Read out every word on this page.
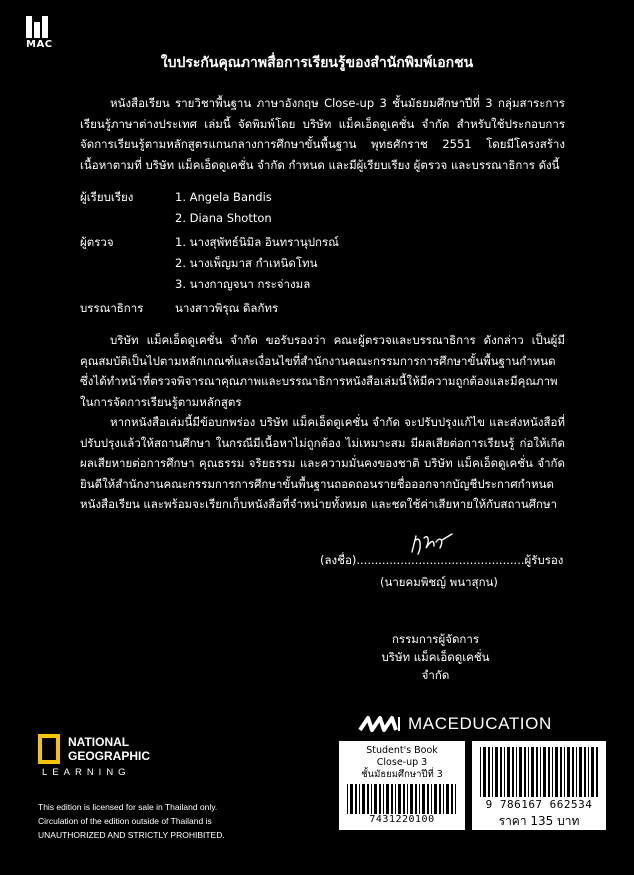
MAC
ใบประกันคุณภาพสื่อการเรียนรู้ของสำนักพิมพ์เอกชน

หนังสือเรียน รายวิชาพื้นฐาน ภาษาอังกฤษ Close-up 3 ชั้นมัธยมศึกษาปีที่ 3 กลุ่มสาระการเรียนรู้ภาษาต่างประเทศ เล่มนี้ จัดพิมพ์โดย บริษัท แม็คเอ็ดดูเคชั่น จำกัด สำหรับใช้ประกอบการจัดการเรียนรู้ตามหลักสูตรแกนกลางการศึกษาขั้นพื้นฐาน พุทธศักราช 2551 โดยมีโครงสร้างเนื้อหาตามที่ บริษัท แม็คเอ็ดดูเคชั่น จำกัด กำหนด และมีผู้เรียบเรียง ผู้ตรวจ และบรรณาธิการ ดังนี้

ผู้เรียบเรียง	1. Angela Bandis
2. Diana Shotton
ผู้ตรวจ	1. นางสุพัทธ์นิมิล อินทรานุปกรณ์
2. นางเพ็ญมาส กำเหนิดโทน
3. นางกาญจนา กระจ่างมล
บรรณาธิการ	นางสาวพิรุณ ดิลกัทร

บริษัท แม็คเอ็ดดูเคชั่น จำกัด ขอรับรองว่า คณะผู้ตรวจและบรรณาธิการ ดังกล่าว เป็นผู้มีคุณสมบัติเป็นไปตามหลักเกณฑ์และเงื่อนไขที่สำนักงานคณะกรรมการการศึกษาขั้นพื้นฐานกำหนด ซึ่งได้ทำหน้าที่ตรวจพิจารณาคุณภาพและบรรณาธิการหนังสือเล่มนี้ให้มีความถูกต้องและมีคุณภาพในการจัดการเรียนรู้ตามหลักสูตร

หากหนังสือเล่มนี้มีข้อบกพร่อง บริษัท แม็คเอ็ดดูเคชั่น จำกัด จะปรับปรุงแก้ไข และส่งหนังสือที่ปรับปรุงแล้วให้สถานศึกษา ในกรณีมีเนื้อหาไม่ถูกต้อง ไม่เหมาะสม มีผลเสียต่อการเรียนรู้ ก่อให้เกิดผลเสียหายต่อการศึกษา คุณธรรม จริยธรรม และความมั่นคงของชาติ บริษัท แม็คเอ็ดดูเคชั่น จำกัด ยินดีให้สำนักงานคณะกรรมการการศึกษาขั้นพื้นฐานถอดถอนรายชื่อออกจากบัญชีประกาศกำหนดหนังสือเรียน และพร้อมจะเรียกเก็บหนังสือที่จำหน่ายทั้งหมด และชดใช้ค่าเสียหายให้กับสถานศึกษา

(ลงชื่อ)..............................................ผู้รับรอง
(นายคมพิชญ์ พนาสุกน)
กรรมการผู้จัดการ
บริษัท แม็คเอ็ดดูเคชั่น จำกัด
NATIONAL
GEOGRAPHIC
LEARNING
This edition is licensed for sale in Thailand only.
Circulation of the edition outside of Thailand is
UNAUTHORIZED AND STRICTLY PROHIBITED.
MACEDUCATION
Student's Book
Close-up 3
ชั้นมัธยมศึกษาปีที่ 3
7431220100
9 786167 662534
ราคา 135 บาท
